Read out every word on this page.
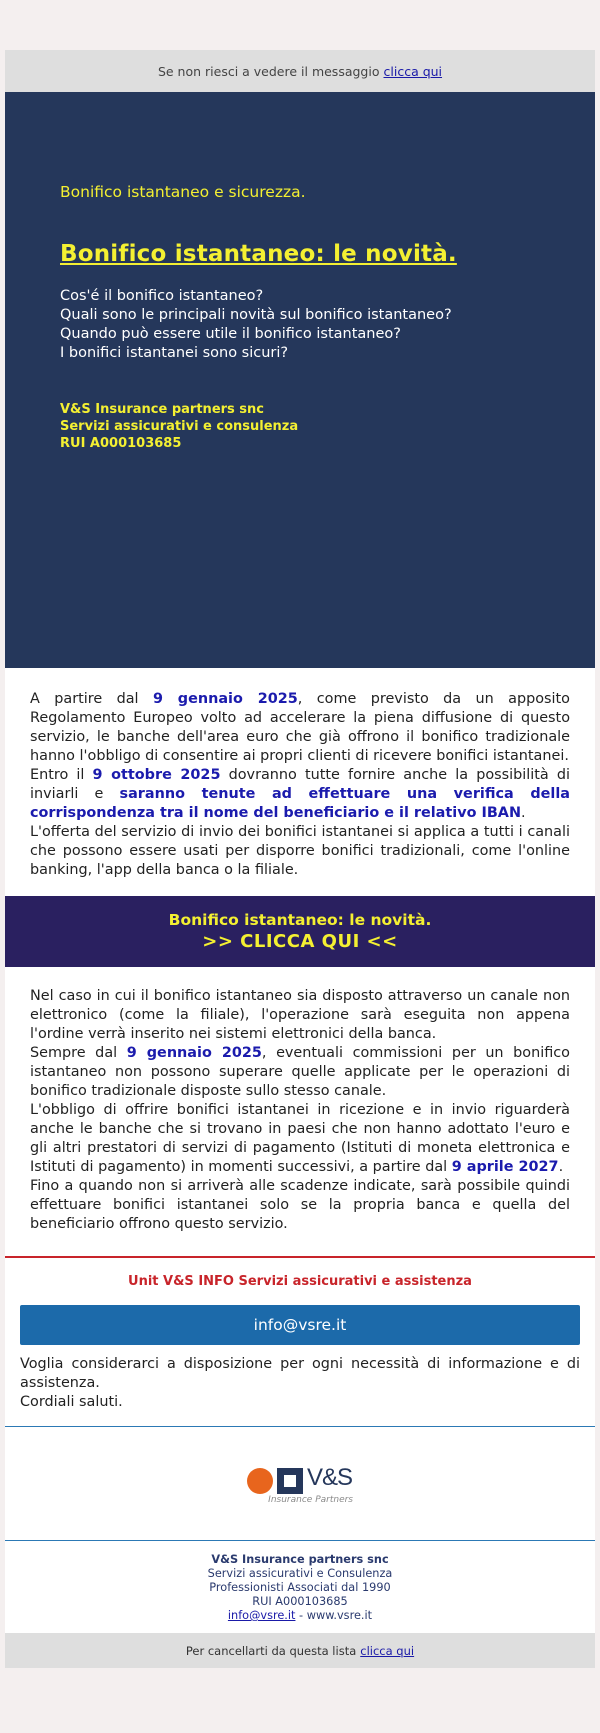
Se non riesci a vedere il messaggio clicca qui

Bonifico istantaneo e sicurezza.

Bonifico istantaneo: le novità.

Cos'é il bonifico istantaneo?

Quali sono le principali novità sul bonifico istantaneo?

Quando può essere utile il bonifico istantaneo?

I bonifici istantanei sono sicuri?

V&S Insurance partners snc
Servizi assicurativi e consulenza
RUI A000103685

A partire dal 9 gennaio 2025, come previsto da un apposito Regolamento Europeo volto ad accelerare la piena diffusione di questo servizio, le banche dell'area euro che già offrono il bonifico tradizionale hanno l'obbligo di consentire ai propri clienti di ricevere bonifici istantanei.

Entro il 9 ottobre 2025 dovranno tutte fornire anche la possibilità di inviarli e saranno tenute ad effettuare una verifica della corrispondenza tra il nome del beneficiario e il relativo IBAN.

L'offerta del servizio di invio dei bonifici istantanei si applica a tutti i canali che possono essere usati per disporre bonifici tradizionali, come l'online banking, l'app della banca o la filiale.

Bonifico istantaneo: le novità.
>> CLICCA QUI <<

Nel caso in cui il bonifico istantaneo sia disposto attraverso un canale non elettronico (come la filiale), l'operazione sarà eseguita non appena l'ordine verrà inserito nei sistemi elettronici della banca.

Sempre dal 9 gennaio 2025, eventuali commissioni per un bonifico istantaneo non possono superare quelle applicate per le operazioni di bonifico tradizionale disposte sullo stesso canale.

L'obbligo di offrire bonifici istantanei in ricezione e in invio riguarderà anche le banche che si trovano in paesi che non hanno adottato l'euro e gli altri prestatori di servizi di pagamento (Istituti di moneta elettronica e Istituti di pagamento) in momenti successivi, a partire dal 9 aprile 2027.

Fino a quando non si arriverà alle scadenze indicate, sarà possibile quindi effettuare bonifici istantanei solo se la propria banca e quella del beneficiario offrono questo servizio.

Unit V&S INFO Servizi assicurativi e assistenza
info@vsre.it

Voglia considerarci a disposizione per ogni necessità di informazione e di assistenza.

Cordiali saluti.

V&S
Insurance Partners
V&S Insurance partners snc
Servizi assicurativi e Consulenza
Professionisti Associati dal 1990
RUI A000103685
info@vsre.it - www.vsre.it
Per cancellarti da questa lista clicca qui
